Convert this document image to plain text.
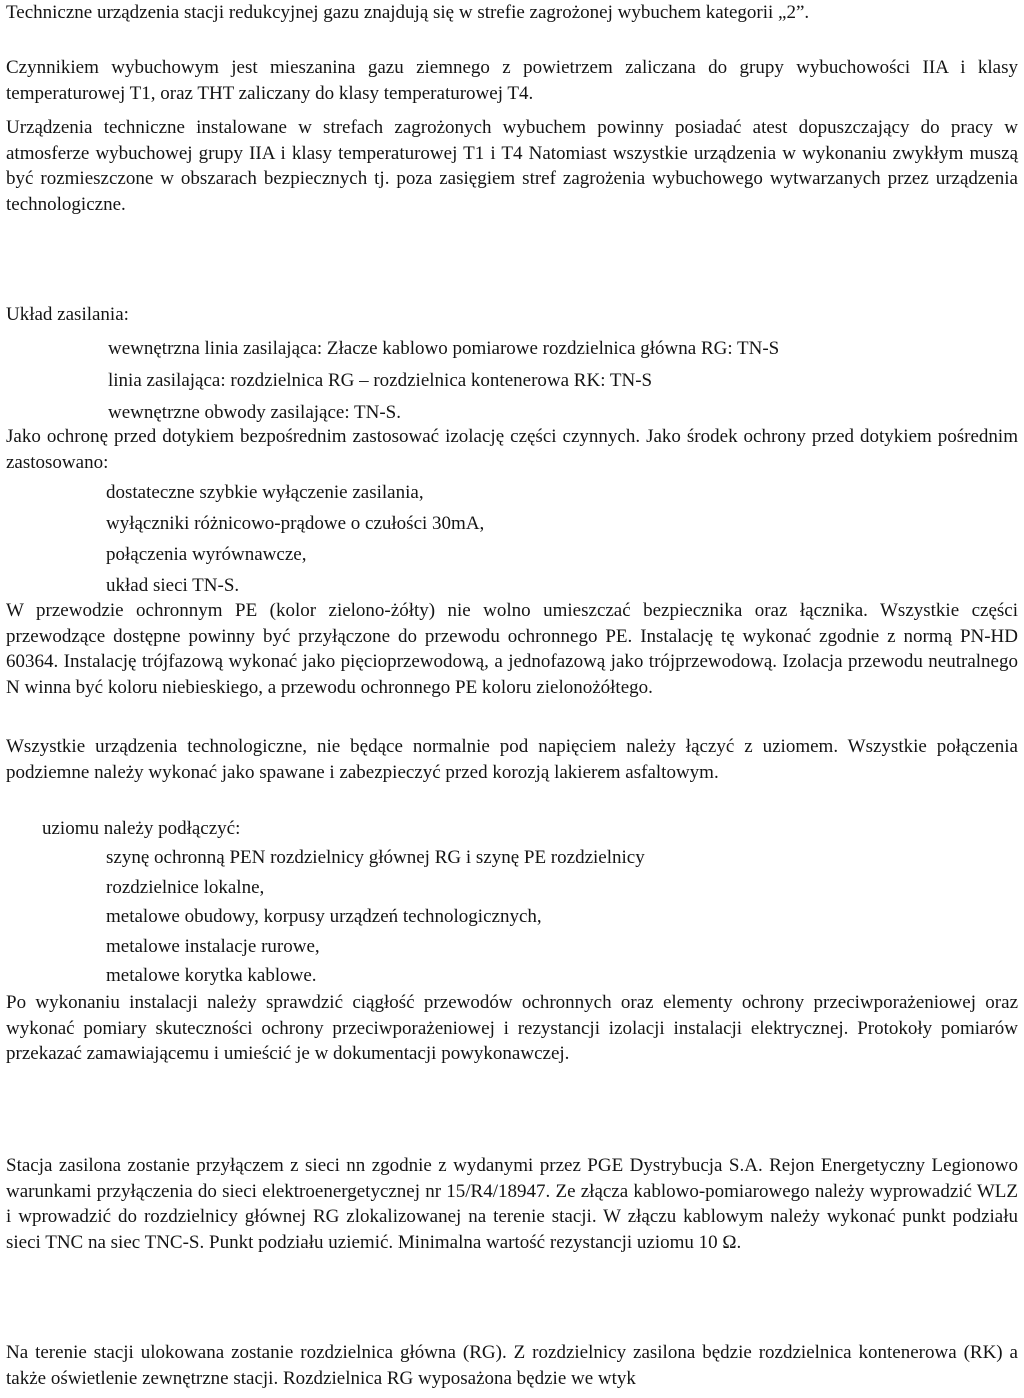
Techniczne urządzenia stacji redukcyjnej gazu znajdują się w strefie zagrożonej wybuchem kategorii „2”.

Czynnikiem wybuchowym jest mieszanina gazu ziemnego z powietrzem zaliczana do grupy wybuchowości IIA i klasy temperaturowej T1, oraz THT zaliczany do klasy temperaturowej T4.

Urządzenia techniczne instalowane w strefach zagrożonych wybuchem powinny posiadać atest dopuszczający do pracy w atmosferze wybuchowej grupy IIA i klasy temperaturowej T1 i T4 Natomiast wszystkie urządzenia w wykonaniu zwykłym muszą być rozmieszczone w obszarach bezpiecznych tj. poza zasięgiem stref zagrożenia wybuchowego wytwarzanych przez urządzenia technologiczne.

Układ zasilania:

wewnętrzna linia zasilająca: Złacze kablowo pomiarowe rozdzielnica główna RG: TN-S
linia zasilająca: rozdzielnica RG – rozdzielnica kontenerowa RK: TN-S
wewnętrzne obwody zasilające: TN-S.

Jako ochronę przed dotykiem bezpośrednim zastosować izolację części czynnych. Jako środek ochrony przed dotykiem pośrednim zastosowano:

dostateczne szybkie wyłączenie zasilania,
wyłączniki różnicowo-prądowe o czułości 30mA,
połączenia wyrównawcze,
układ sieci TN-S.

W przewodzie ochronnym PE (kolor zielono-żółty) nie wolno umieszczać bezpiecznika oraz łącznika. Wszystkie części przewodzące dostępne powinny być przyłączone do przewodu ochronnego PE. Instalację tę wykonać zgodnie z normą PN-HD 60364. Instalację trójfazową wykonać jako pięcioprzewodową, a jednofazową jako trójprzewodową. Izolacja przewodu neutralnego N winna być koloru niebieskiego, a przewodu ochronnego PE koloru zielonożółtego.

Wszystkie urządzenia technologiczne, nie będące normalnie pod napięciem należy łączyć z uziomem. Wszystkie połączenia podziemne należy wykonać jako spawane i zabezpieczyć przed korozją lakierem asfaltowym.

uziomu należy podłączyć:

szynę ochronną PEN rozdzielnicy głównej RG i szynę PE rozdzielnicy
rozdzielnice lokalne,
metalowe obudowy, korpusy urządzeń technologicznych,
metalowe instalacje rurowe,
metalowe korytka kablowe.

Po wykonaniu instalacji należy sprawdzić ciągłość przewodów ochronnych oraz elementy ochrony przeciwporażeniowej oraz wykonać pomiary skuteczności ochrony przeciwporażeniowej i rezystancji izolacji instalacji elektrycznej. Protokoły pomiarów przekazać zamawiającemu i umieścić je w dokumentacji powykonawczej.

Stacja zasilona zostanie przyłączem z sieci nn zgodnie z wydanymi przez PGE Dystrybucja S.A. Rejon Energetyczny Legionowo warunkami przyłączenia do sieci elektroenergetycznej nr 15/R4/18947. Ze złącza kablowo-pomiarowego należy wyprowadzić WLZ i wprowadzić do rozdzielnicy głównej RG zlokalizowanej na terenie stacji. W złączu kablowym należy wykonać punkt podziału sieci TNC na siec TNC-S. Punkt podziału uziemić. Minimalna wartość rezystancji uziomu 10 Ω.

Na terenie stacji ulokowana zostanie rozdzielnica główna (RG). Z rozdzielnicy zasilona będzie rozdzielnica kontenerowa (RK) a także oświetlenie zewnętrzne stacji. Rozdzielnica RG wyposażona będzie we wtyk
